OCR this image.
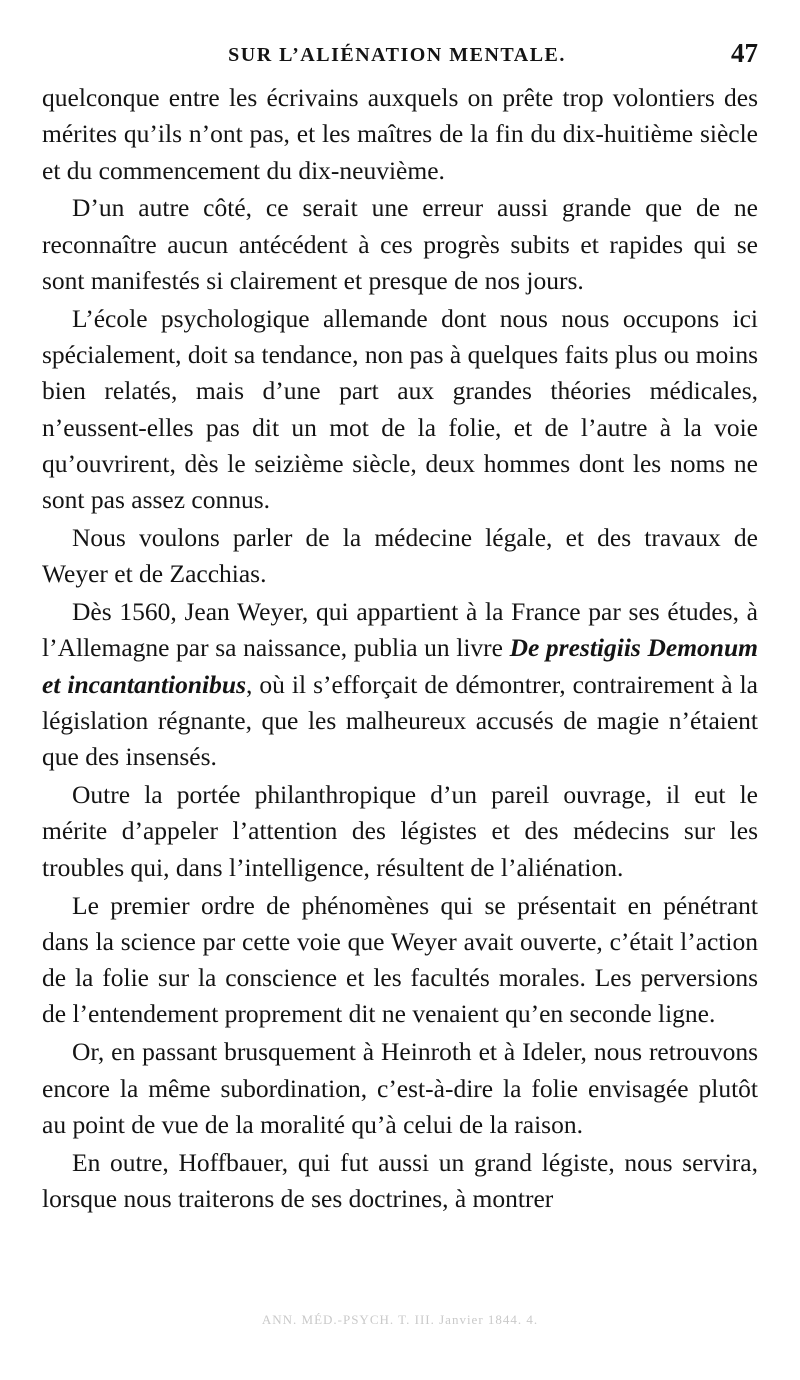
SUR L’ALIÉNATION MENTALE.	47

quelconque entre les écrivains auxquels on prête trop volontiers des mérites qu’ils n’ont pas, et les maîtres de la fin du dix-huitième siècle et du commencement du dix-neuvième.

D’un autre côté, ce serait une erreur aussi grande que de ne reconnaître aucun antécédent à ces progrès subits et rapides qui se sont manifestés si clairement et presque de nos jours.

L’école psychologique allemande dont nous nous occupons ici spécialement, doit sa tendance, non pas à quelques faits plus ou moins bien relatés, mais d’une part aux grandes théories médicales, n’eussent-elles pas dit un mot de la folie, et de l’autre à la voie qu’ouvrirent, dès le seizième siècle, deux hommes dont les noms ne sont pas assez connus.

Nous voulons parler de la médecine légale, et des travaux de Weyer et de Zacchias.

Dès 1560, Jean Weyer, qui appartient à la France par ses études, à l’Allemagne par sa naissance, publia un livre De prestigiis Demonum et incantantionibus, où il s’efforçait de démontrer, contrairement à la législation régnante, que les malheureux accusés de magie n’étaient que des insensés.

Outre la portée philanthropique d’un pareil ouvrage, il eut le mérite d’appeler l’attention des légistes et des médecins sur les troubles qui, dans l’intelligence, résultent de l’aliénation.

Le premier ordre de phénomènes qui se présentait en pénétrant dans la science par cette voie que Weyer avait ouverte, c’était l’action de la folie sur la conscience et les facultés morales. Les perversions de l’entendement proprement dit ne venaient qu’en seconde ligne.

Or, en passant brusquement à Heinroth et à Ideler, nous retrouvons encore la même subordination, c’est-à-dire la folie envisagée plutôt au point de vue de la moralité qu’à celui de la raison.

En outre, Hoffbauer, qui fut aussi un grand légiste, nous servira, lorsque nous traiterons de ses doctrines, à montrer

ANN. MÉD.-PSYCH. T. III. Janvier 1844. 4.
